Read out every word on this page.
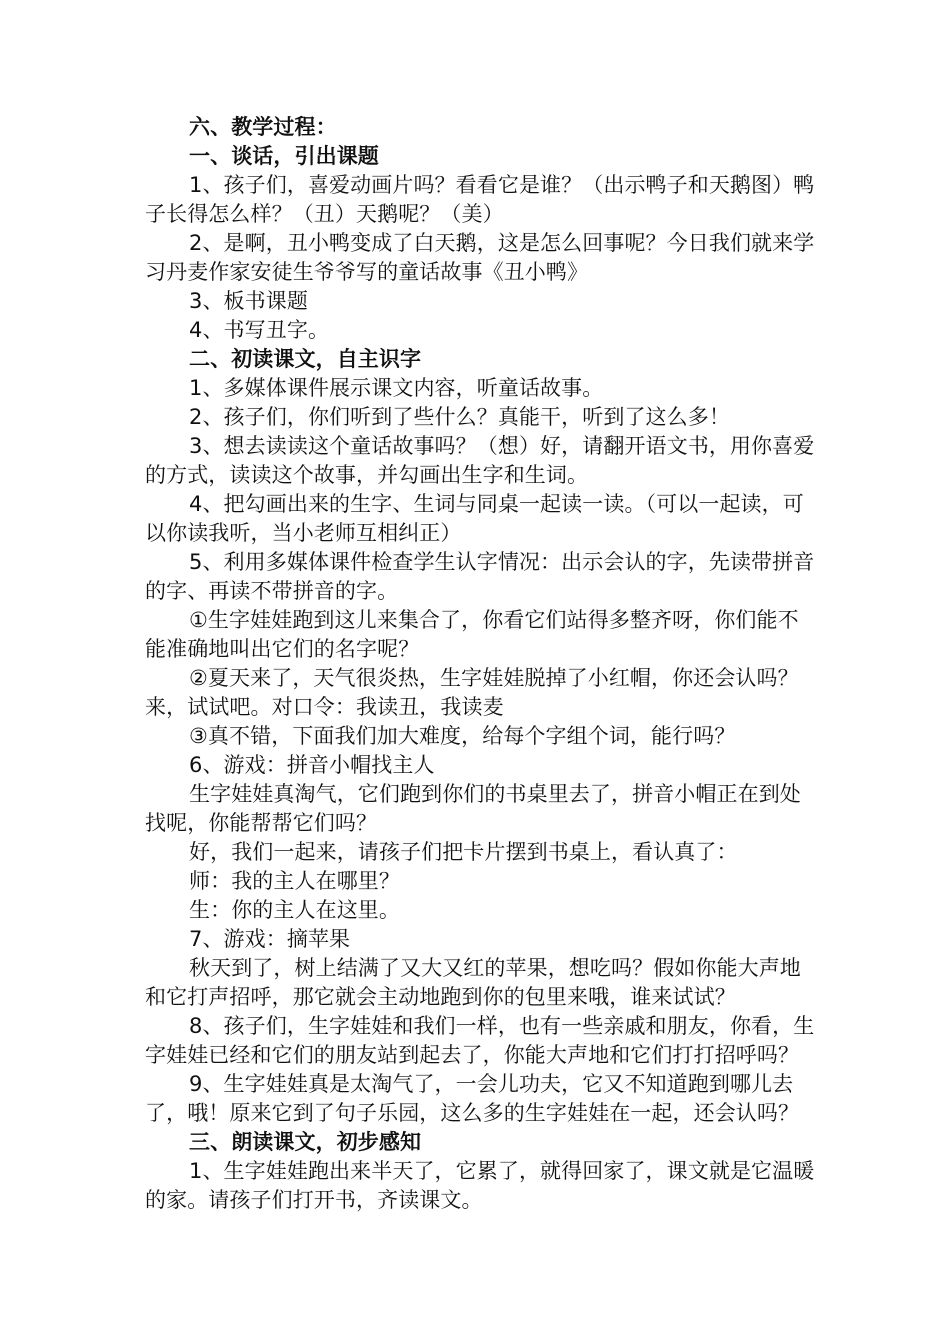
六、教学过程：

一、谈话，引出课题

1、孩子们，喜爱动画片吗？看看它是谁？（出示鸭子和天鹅图）鸭子长得怎么样？（丑）天鹅呢？（美）

2、是啊，丑小鸭变成了白天鹅，这是怎么回事呢？今日我们就来学习丹麦作家安徒生爷爷写的童话故事《丑小鸭》

3、板书课题

4、书写丑字。

二、初读课文，自主识字

1、多媒体课件展示课文内容，听童话故事。

2、孩子们，你们听到了些什么？真能干，听到了这么多！

3、想去读读这个童话故事吗？（想）好，请翻开语文书，用你喜爱的方式，读读这个故事，并勾画出生字和生词。

4、把勾画出来的生字、生词与同桌一起读一读。（可以一起读，可以你读我听，当小老师互相纠正）

5、利用多媒体课件检查学生认字情况：出示会认的字，先读带拼音的字、再读不带拼音的字。

①生字娃娃跑到这儿来集合了，你看它们站得多整齐呀，你们能不能准确地叫出它们的名字呢？

②夏天来了，天气很炎热，生字娃娃脱掉了小红帽，你还会认吗？来，试试吧。对口令：我读丑，我读麦

③真不错，下面我们加大难度，给每个字组个词，能行吗？

6、游戏：拼音小帽找主人

生字娃娃真淘气，它们跑到你们的书桌里去了，拼音小帽正在到处找呢，你能帮帮它们吗？

好，我们一起来，请孩子们把卡片摆到书桌上，看认真了：

师：我的主人在哪里？

生：你的主人在这里。

7、游戏：摘苹果

秋天到了，树上结满了又大又红的苹果，想吃吗？假如你能大声地和它打声招呼，那它就会主动地跑到你的包里来哦，谁来试试？

8、孩子们，生字娃娃和我们一样，也有一些亲戚和朋友，你看，生字娃娃已经和它们的朋友站到起去了，你能大声地和它们打打招呼吗？

9、生字娃娃真是太淘气了，一会儿功夫，它又不知道跑到哪儿去了，哦！原来它到了句子乐园，这么多的生字娃娃在一起，还会认吗？

三、朗读课文，初步感知

1、生字娃娃跑出来半天了，它累了，就得回家了，课文就是它温暖的家。请孩子们打开书，齐读课文。
